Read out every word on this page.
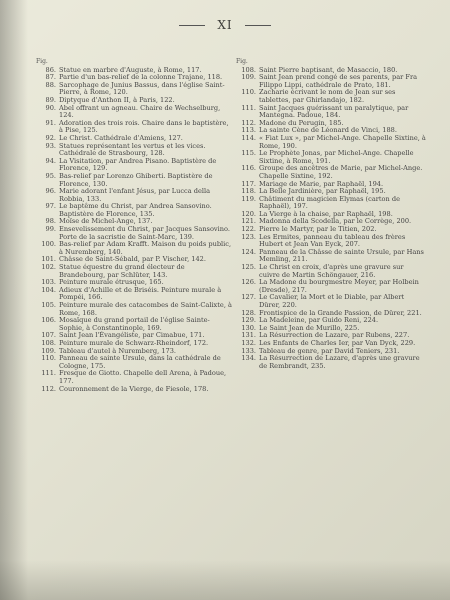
XI
Fig.
86. Statue en marbre d'Auguste, à Rome, 117.
87. Partie d'un bas-relief de la colonne Trajane, 118.
88. Sarcophage de Junius Bassus, dans l'église Saint-Pierre, à Rome, 120.
89. Diptyque d'Anthon II, à Paris, 122.
90. Abel offrant un agneau. Chaire de Wechselburg, 124.
91. Adoration des trois rois. Chaire dans le baptistère, à Pise, 125.
92. Le Christ. Cathédrale d'Amiens, 127.
93. Statues représentant les vertus et les vices. Cathédrale de Strasbourg, 128.
94. La Visitation, par Andrea Pisano. Baptistère de Florence, 129.
95. Bas-relief par Lorenzo Ghiberti. Baptistère de Florence, 130.
96. Marie adorant l'enfant Jésus, par Lucca della Robbia, 133.
97. Le baptême du Christ, par Andrea Sansovino. Baptistère de Florence, 135.
98. Moïse de Michel-Ange, 137.
99. Ensevelissement du Christ, par Jacques Sansovino. Porte de la sacristie de Saint-Marc, 139.
100. Bas-relief par Adam Krafft. Maison du poids public, à Nuremberg, 140.
101. Châsse de Saint-Sébald, par P. Vischer, 142.
102. Statue équestre du grand électeur de Brandebourg, par Schlüter, 143.
103. Peinture murale étrusque, 165.
104. Adieux d'Achille et de Briséis. Peinture murale à Pompéi, 166.
105. Peinture murale des catacombes de Saint-Calixte, à Rome, 168.
106. Mosaïque du grand portail de l'église Sainte-Sophie, à Constantinople, 169.
107. Saint Jean l'Évangéliste, par Cimabue, 171.
108. Peinture murale de Schwarz-Rheindorf, 172.
109. Tableau d'autel à Nuremberg, 173.
110. Panneau de sainte Ursule, dans la cathédrale de Cologne, 175.
111. Fresque de Giotto. Chapelle dell Arena, à Padoue, 177.
112. Couronnement de la Vierge, de Fiesole, 178.
Fig.
108. Saint Pierre baptisant, de Masaccio, 180.
109. Saint Jean prend congé de ses parents, par Fra Filippo Lippi, cathédrale de Prato, 181.
110. Zacharie écrivant le nom de Jean sur ses tablettes, par Ghirlandajo, 182.
111. Saint Jacques guérissant un paralytique, par Mantegna. Padoue, 184.
112. Madone du Perugin, 185.
113. La sainte Cène de Léonard de Vinci, 188.
114. « Fiat Lux », par Michel-Ange. Chapelle Sixtine, à Rome, 190.
115. Le Prophète Jonas, par Michel-Ange. Chapelle Sixtine, à Rome, 191.
116. Groupe des ancêtres de Marie, par Michel-Ange. Chapelle Sixtine, 192.
117. Mariage de Marie, par Raphaël, 194.
118. La Belle Jardinière, par Raphaël, 195.
119. Châtiment du magicien Elymas (carton de Raphaël), 197.
120. La Vierge à la chaise, par Raphaël, 198.
121. Madonna della Scodella, par le Corrège, 200.
122. Pierre le Martyr, par le Titien, 202.
123. Les Ermites, panneau du tableau des frères Hubert et Jean Van Eyck, 207.
124. Panneau de la Châsse de sainte Ursule, par Hans Memling, 211.
125. Le Christ en croix, d'après une gravure sur cuivre de Martin Schöngauer, 216.
126. La Madone du bourgmestre Meyer, par Holbein (Dresde), 217.
127. Le Cavalier, la Mort et le Diable, par Albert Dürer, 220.
128. Frontispice de la Grande Passion, de Dürer, 221.
129. La Madeleine, par Guido Reni, 224.
130. Le Saint Jean de Murillo, 225.
131. La Résurrection de Lazare, par Rubens, 227.
132. Les Enfants de Charles Ier, par Van Dyck, 229.
133. Tableau de genre, par David Teniers, 231.
134. La Résurrection de Lazare, d'après une gravure de Rembrandt, 235.
